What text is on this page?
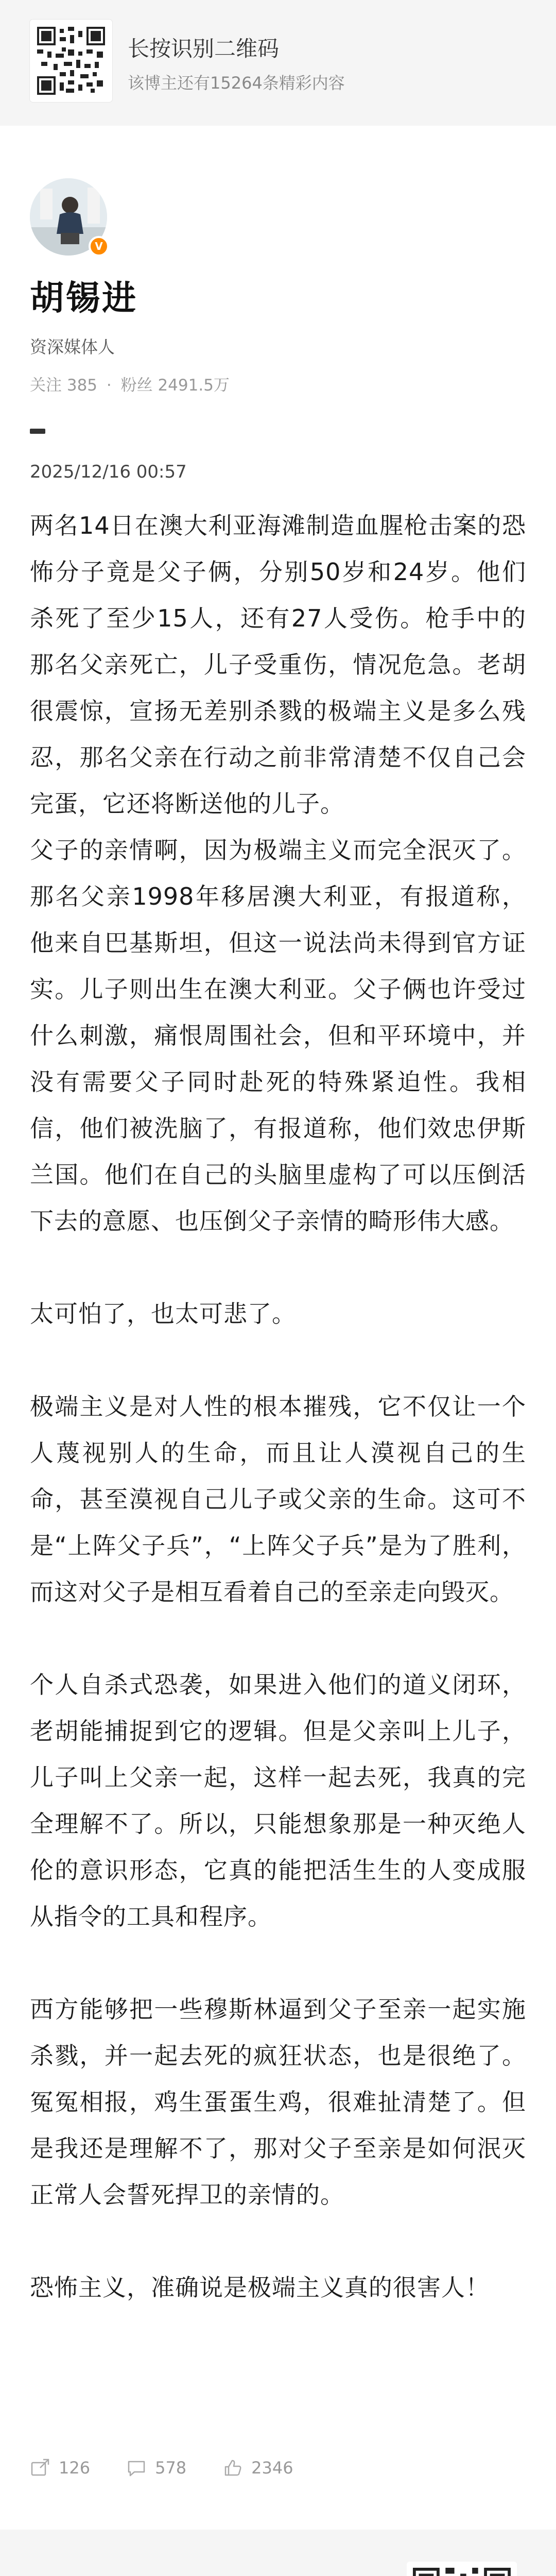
长按识别二维码
该博主还有15264条精彩内容
V
胡锡进
资深媒体人
关注 385 · 粉丝 2491.5万
2025/12/16 00:57

两名14日在澳大利亚海滩制造血腥枪击案的恐怖分子竟是父子俩，分别50岁和24岁。他们杀死了至少15人，还有27人受伤。枪手中的那名父亲死亡，儿子受重伤，情况危急。老胡很震惊，宣扬无差别杀戮的极端主义是多么残忍，那名父亲在行动之前非常清楚不仅自己会完蛋，它还将断送他的儿子。

父子的亲情啊，因为极端主义而完全泯灭了。那名父亲1998年移居澳大利亚，有报道称，他来自巴基斯坦，但这一说法尚未得到官方证实。儿子则出生在澳大利亚。父子俩也许受过什么刺激，痛恨周围社会，但和平环境中，并没有需要父子同时赴死的特殊紧迫性。我相信，他们被洗脑了，有报道称，他们效忠伊斯兰国。他们在自己的头脑里虚构了可以压倒活下去的意愿、也压倒父子亲情的畸形伟大感。

太可怕了，也太可悲了。

极端主义是对人性的根本摧残，它不仅让一个人蔑视别人的生命，而且让人漠视自己的生命，甚至漠视自己儿子或父亲的生命。这可不是“上阵父子兵”，“上阵父子兵”是为了胜利，而这对父子是相互看着自己的至亲走向毁灭。

个人自杀式恐袭，如果进入他们的道义闭环，老胡能捕捉到它的逻辑。但是父亲叫上儿子，儿子叫上父亲一起，这样一起去死，我真的完全理解不了。所以，只能想象那是一种灭绝人伦的意识形态，它真的能把活生生的人变成服从指令的工具和程序。

西方能够把一些穆斯林逼到父子至亲一起实施杀戮，并一起去死的疯狂状态，也是很绝了。冤冤相报，鸡生蛋蛋生鸡，很难扯清楚了。但是我还是理解不了，那对父子至亲是如何泯灭正常人会誓死捍卫的亲情的。

恐怖主义，准确说是极端主义真的很害人！

126	578	2346
